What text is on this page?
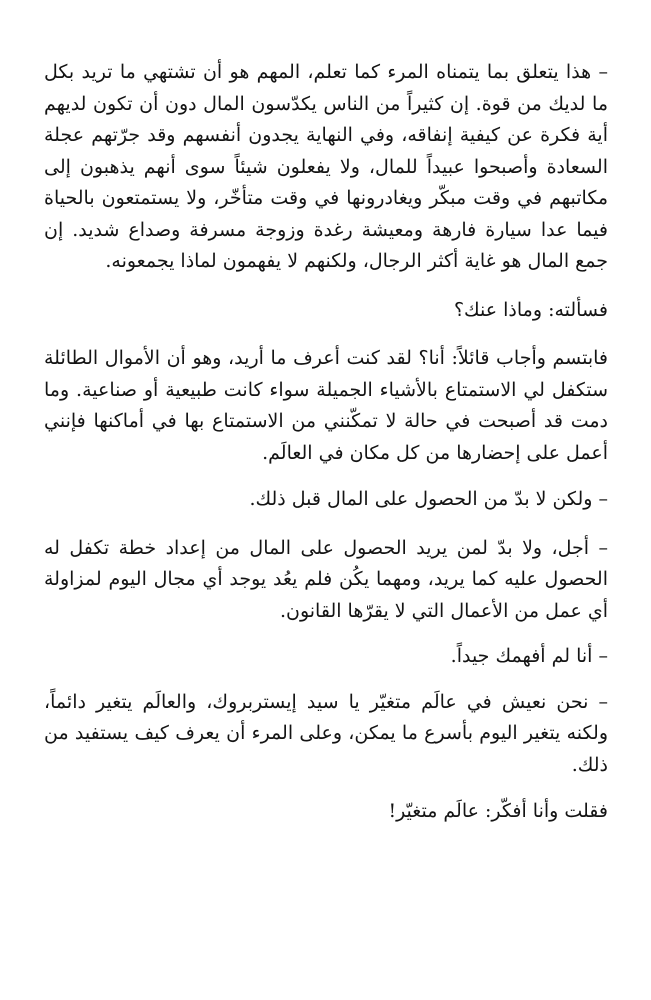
– هذا يتعلق بما يتمناه المرء كما تعلم، المهم هو أن تشتهي ما تريد بكل ما لديك من قوة. إن كثيراً من الناس يكدّسون المال دون أن تكون لديهم أية فكرة عن كيفية إنفاقه، وفي النهاية يجدون أنفسهم وقد جرّتهم عجلة السعادة وأصبحوا عبيداً للمال، ولا يفعلون شيئاً سوى أنهم يذهبون إلى مكاتبهم في وقت مبكّر ويغادرونها في وقت متأخّر، ولا يستمتعون بالحياة فيما عدا سيارة فارهة ومعيشة رغدة وزوجة مسرفة وصداع شديد. إن جمع المال هو غاية أكثر الرجال، ولكنهم لا يفهمون لماذا يجمعونه.

فسألته: وماذا عنك؟

فابتسم وأجاب قائلاً: أنا؟ لقد كنت أعرف ما أريد، وهو أن الأموال الطائلة ستكفل لي الاستمتاع بالأشياء الجميلة سواء كانت طبيعية أو صناعية. وما دمت قد أصبحت في حالة لا تمكّنني من الاستمتاع بها في أماكنها فإنني أعمل على إحضارها من كل مكان في العالَم.

– ولكن لا بدّ من الحصول على المال قبل ذلك.

– أجل، ولا بدّ لمن يريد الحصول على المال من إعداد خطة تكفل له الحصول عليه كما يريد، ومهما يكُن فلم يعُد يوجد أي مجال اليوم لمزاولة أي عمل من الأعمال التي لا يقرّها القانون.

– أنا لم أفهمك جيداً.

– نحن نعيش في عالَم متغيّر يا سيد إيستربروك، والعالَم يتغير دائماً، ولكنه يتغير اليوم بأسرع ما يمكن، وعلى المرء أن يعرف كيف يستفيد من ذلك.

فقلت وأنا أفكّر: عالَم متغيّر!
